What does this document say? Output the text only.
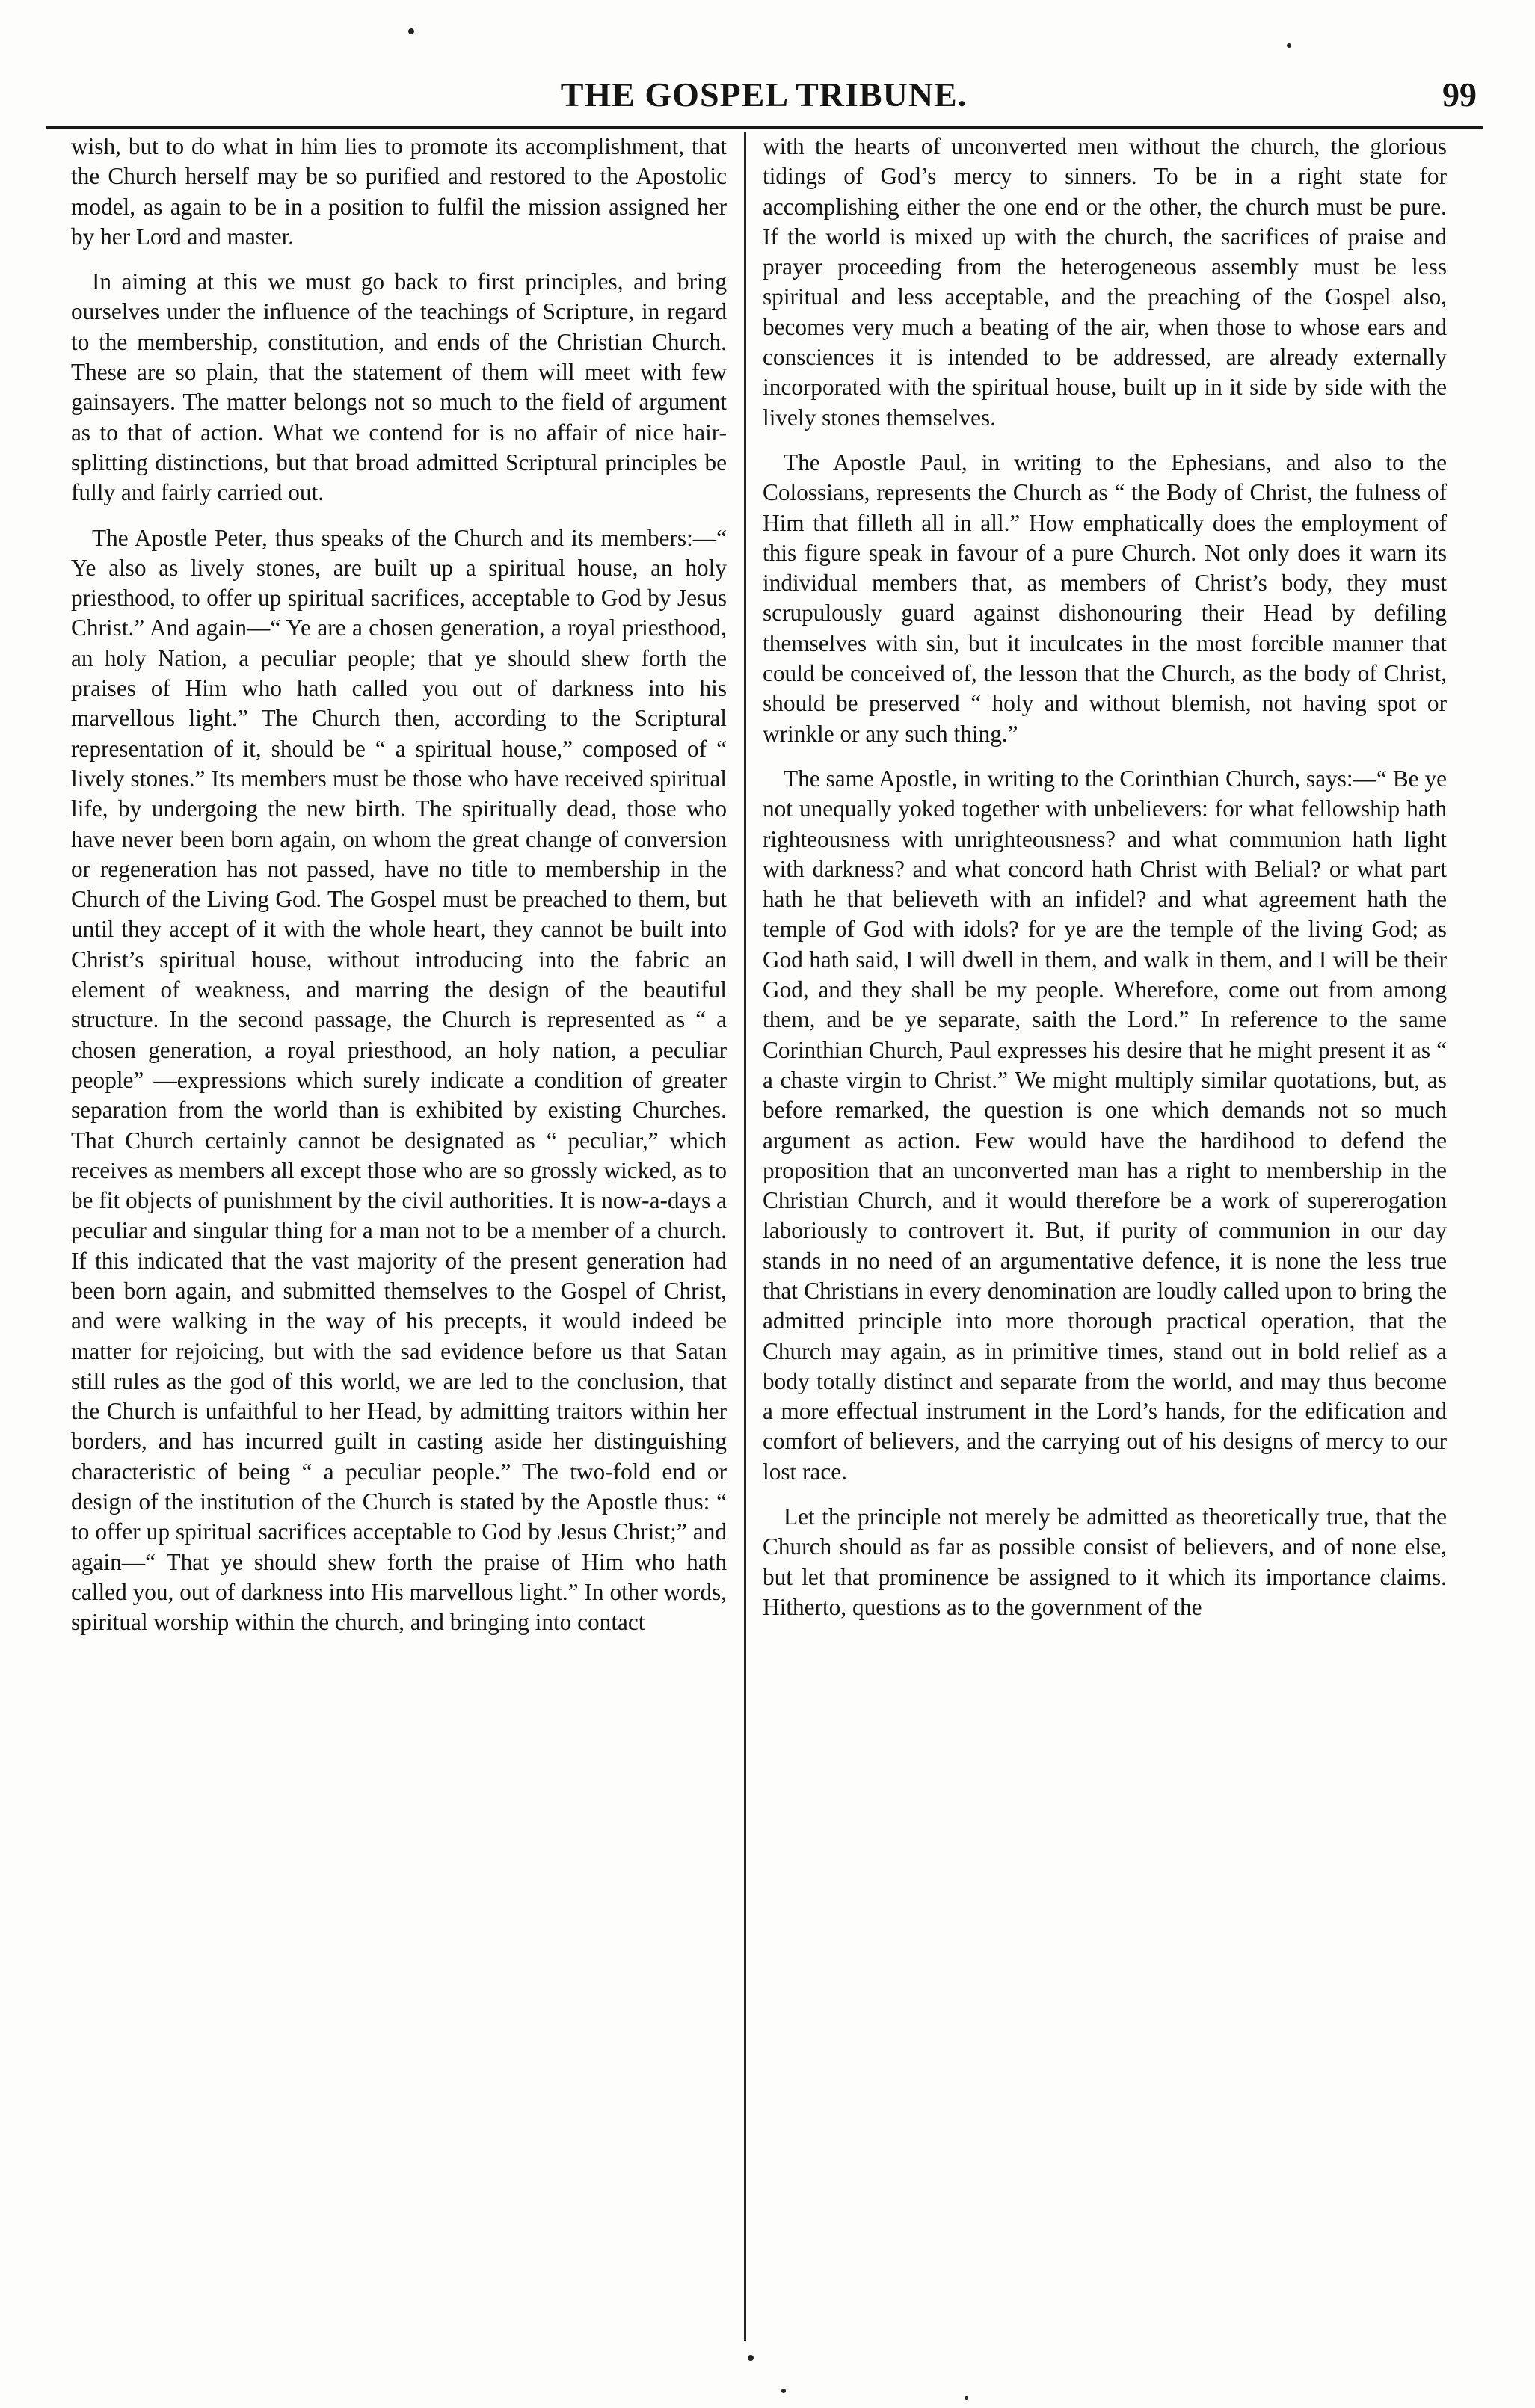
THE GOSPEL TRIBUNE.	99

wish, but to do what in him lies to promote its accomplishment, that the Church herself may be so purified and restored to the Apostolic model, as again to be in a position to fulfil the mission assigned her by her Lord and master.

In aiming at this we must go back to first principles, and bring ourselves under the influence of the teachings of Scripture, in regard to the membership, constitution, and ends of the Christian Church. These are so plain, that the statement of them will meet with few gainsayers. The matter belongs not so much to the field of argument as to that of action. What we contend for is no affair of nice hair-splitting distinctions, but that broad admitted Scriptural principles be fully and fairly carried out.

The Apostle Peter, thus speaks of the Church and its members:—“ Ye also as lively stones, are built up a spiritual house, an holy priesthood, to offer up spiritual sacrifices, acceptable to God by Jesus Christ.” And again—“ Ye are a chosen generation, a royal priesthood, an holy Nation, a peculiar people; that ye should shew forth the praises of Him who hath called you out of darkness into his marvellous light.” The Church then, according to the Scriptural representation of it, should be “ a spiritual house,” composed of “ lively stones.” Its members must be those who have received spiritual life, by undergoing the new birth. The spiritually dead, those who have never been born again, on whom the great change of conversion or regeneration has not passed, have no title to membership in the Church of the Living God. The Gospel must be preached to them, but until they accept of it with the whole heart, they cannot be built into Christ’s spiritual house, without introducing into the fabric an element of weakness, and marring the design of the beautiful structure. In the second passage, the Church is represented as “ a chosen generation, a royal priesthood, an holy nation, a peculiar people” —expressions which surely indicate a condition of greater separation from the world than is exhibited by existing Churches. That Church certainly cannot be designated as “ peculiar,” which receives as members all except those who are so grossly wicked, as to be fit objects of punishment by the civil authorities. It is now-a-days a peculiar and singular thing for a man not to be a member of a church. If this indicated that the vast majority of the present generation had been born again, and submitted themselves to the Gospel of Christ, and were walking in the way of his precepts, it would indeed be matter for rejoicing, but with the sad evidence before us that Satan still rules as the god of this world, we are led to the conclusion, that the Church is unfaithful to her Head, by admitting traitors within her borders, and has incurred guilt in casting aside her distinguishing characteristic of being “ a peculiar people.” The two-fold end or design of the institution of the Church is stated by the Apostle thus: “ to offer up spiritual sacrifices acceptable to God by Jesus Christ;” and again—“ That ye should shew forth the praise of Him who hath called you, out of darkness into His marvellous light.” In other words, spiritual worship within the church, and bringing into contact

with the hearts of unconverted men without the church, the glorious tidings of God’s mercy to sinners. To be in a right state for accomplishing either the one end or the other, the church must be pure. If the world is mixed up with the church, the sacrifices of praise and prayer proceeding from the heterogeneous assembly must be less spiritual and less acceptable, and the preaching of the Gospel also, becomes very much a beating of the air, when those to whose ears and consciences it is intended to be addressed, are already externally incorporated with the spiritual house, built up in it side by side with the lively stones themselves.

The Apostle Paul, in writing to the Ephesians, and also to the Colossians, represents the Church as “ the Body of Christ, the fulness of Him that filleth all in all.” How emphatically does the employment of this figure speak in favour of a pure Church. Not only does it warn its individual members that, as members of Christ’s body, they must scrupulously guard against dishonouring their Head by defiling themselves with sin, but it inculcates in the most forcible manner that could be conceived of, the lesson that the Church, as the body of Christ, should be preserved “ holy and without blemish, not having spot or wrinkle or any such thing.”

The same Apostle, in writing to the Corinthian Church, says:—“ Be ye not unequally yoked together with unbelievers: for what fellowship hath righteousness with unrighteousness? and what communion hath light with darkness? and what concord hath Christ with Belial? or what part hath he that believeth with an infidel? and what agreement hath the temple of God with idols? for ye are the temple of the living God; as God hath said, I will dwell in them, and walk in them, and I will be their God, and they shall be my people. Wherefore, come out from among them, and be ye separate, saith the Lord.” In reference to the same Corinthian Church, Paul expresses his desire that he might present it as “ a chaste virgin to Christ.” We might multiply similar quotations, but, as before remarked, the question is one which demands not so much argument as action. Few would have the hardihood to defend the proposition that an unconverted man has a right to membership in the Christian Church, and it would therefore be a work of supererogation laboriously to controvert it. But, if purity of communion in our day stands in no need of an argumentative defence, it is none the less true that Christians in every denomination are loudly called upon to bring the admitted principle into more thorough practical operation, that the Church may again, as in primitive times, stand out in bold relief as a body totally distinct and separate from the world, and may thus become a more effectual instrument in the Lord’s hands, for the edification and comfort of believers, and the carrying out of his designs of mercy to our lost race.

Let the principle not merely be admitted as theoretically true, that the Church should as far as possible consist of believers, and of none else, but let that prominence be assigned to it which its importance claims. Hitherto, questions as to the government of the
